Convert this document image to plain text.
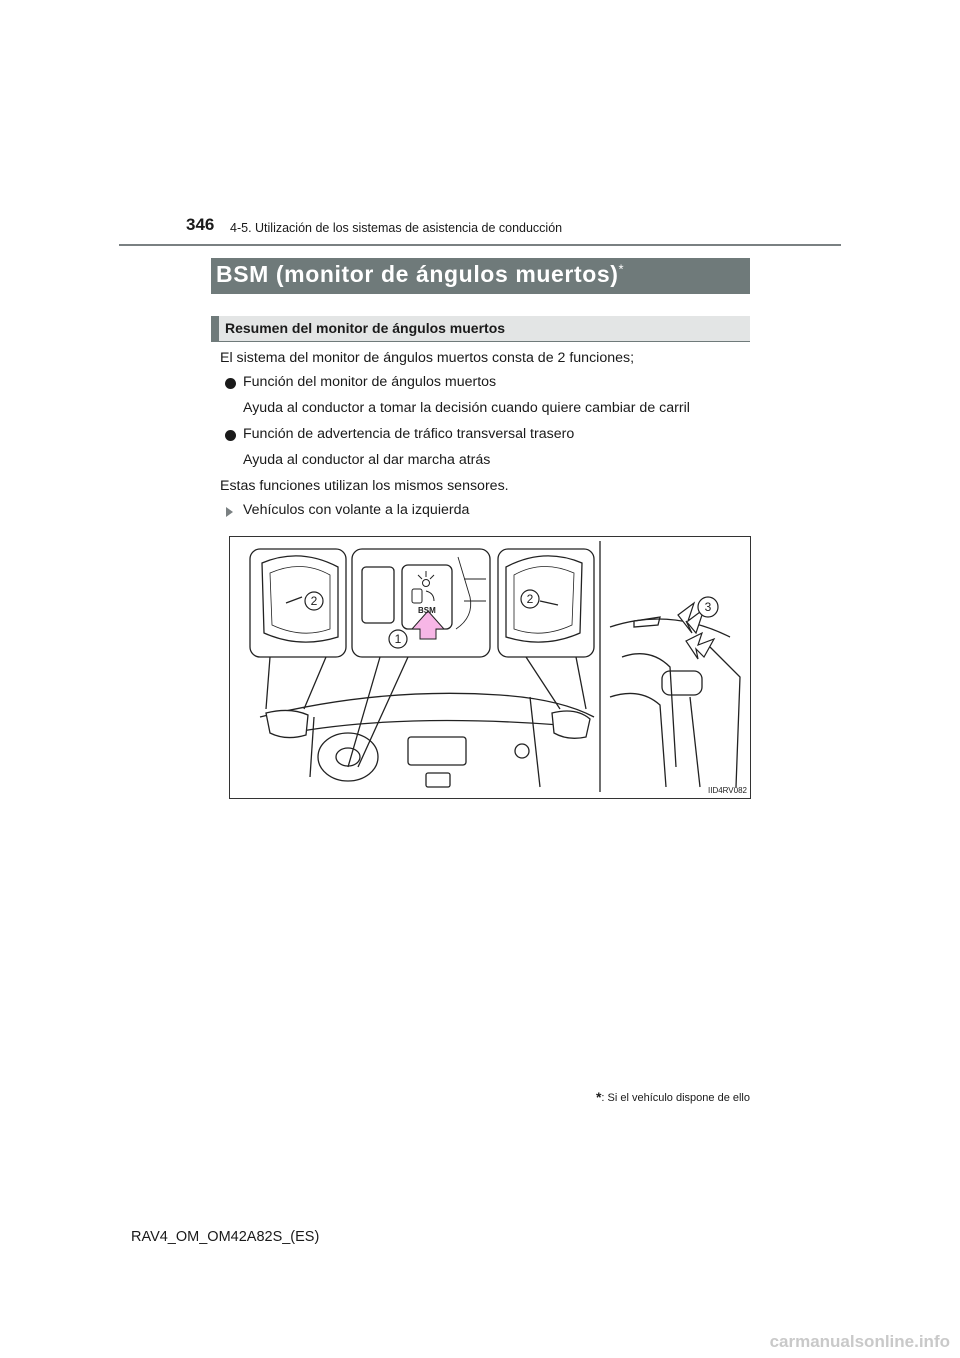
346 4-5. Utilización de los sistemas de asistencia de conducción
BSM (monitor de ángulos muertos)*
Resumen del monitor de ángulos muertos
El sistema del monitor de ángulos muertos consta de 2 funciones;
Función del monitor de ángulos muertos
Ayuda al conductor a tomar la decisión cuando quiere cambiar de carril
Función de advertencia de tráfico transversal trasero
Ayuda al conductor al dar marcha atrás
Estas funciones utilizan los mismos sensores.
Vehículos con volante a la izquierda
BSM
1
2	2
3
IID4RV082
*: Si el vehículo dispone de ello
RAV4_OM_OM42A82S_(ES)
carmanualsonline.info
